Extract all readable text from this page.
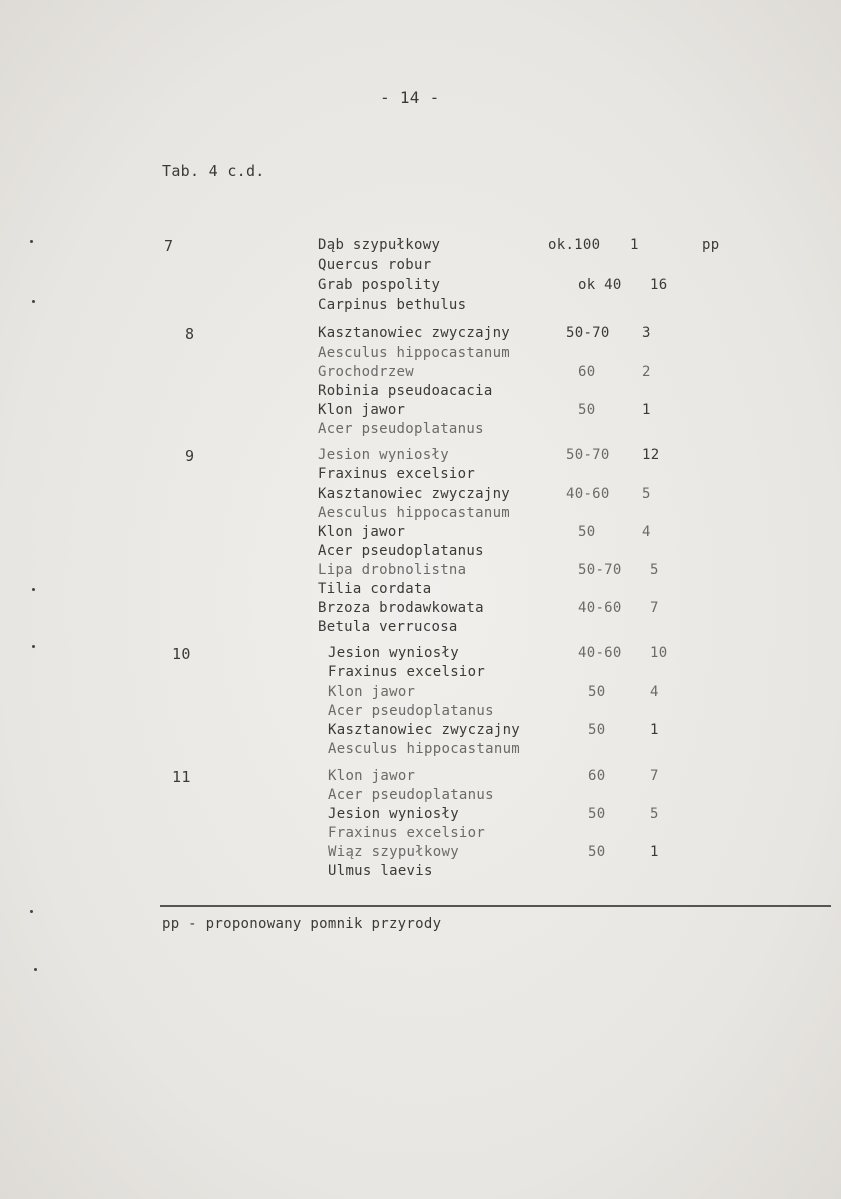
- 14 -
Tab. 4 c.d.
7	Dąb szypułkowy	ok.100 1	pp
Quercus robur
Grab pospolity	ok 40 16
Carpinus bethulus
8	Kasztanowiec zwyczajny	50-70 3
Aesculus hippocastanum
Grochodrzew	60	2
Robinia pseudoacacia
Klon jawor	50	1
Acer pseudoplatanus
9	Jesion wyniosły	50-70 12
Fraxinus excelsior
Kasztanowiec zwyczajny	40-60 5
Aesculus hippocastanum
Klon jawor	50	4
Acer pseudoplatanus
Lipa drobnolistna	50-70 5
Tilia cordata
Brzoza brodawkowata	40-60 7
Betula verrucosa
10	Jesion wyniosły	40-60 10
Fraxinus excelsior
Klon jawor	50	4
Acer pseudoplatanus
Kasztanowiec zwyczajny	50	1
Aesculus hippocastanum
11	Klon jawor	60	7
Acer pseudoplatanus
Jesion wyniosły	50	5
Fraxinus excelsior
Wiąz szypułkowy	50	1
Ulmus laevis
pp - proponowany pomnik przyrody
